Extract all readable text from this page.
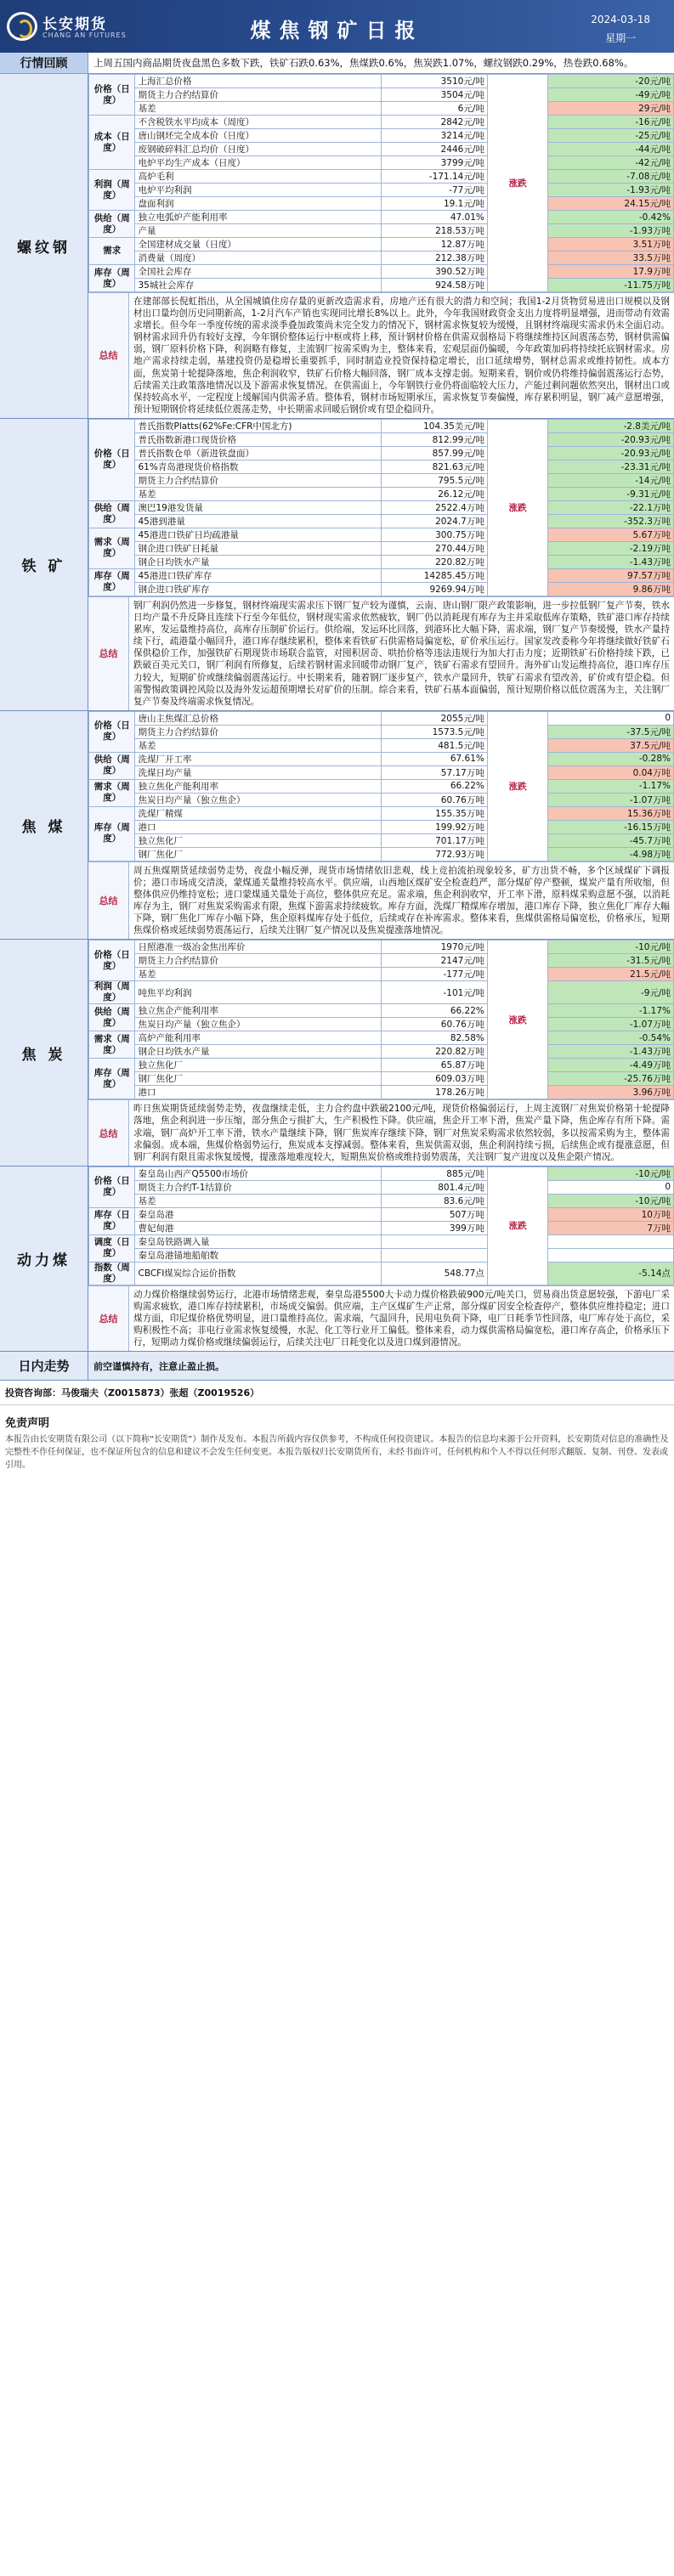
长安期货
CHANG AN FUTURES	煤焦钢矿日报	2024-03-18
星期一
行情回顾	上周五国内商品期货夜盘黑色多数下跌，铁矿石跌0.63%，焦煤跌0.6%，焦炭跌1.07%，螺纹钢跌0.29%，热卷跌0.68%。
螺纹钢
价格（日度）	上海汇总价格	3510元/吨	涨跌	-20元/吨
	期货主力合约结算价	3504元/吨		-49元/吨
	基差	6元/吨		29元/吨
成本（日度）	不含税铁水平均成本（周度）	2842元/吨		-16元/吨
	唐山钢坯完全成本价（日度）	3214元/吨		-25元/吨
	废钢破碎料汇总均价（日度）	2446元/吨		-44元/吨
	电炉平均生产成本（日度）	3799元/吨		-42元/吨
利润（周度）	高炉毛利	-171.14元/吨		-7.08元/吨
	电炉平均利润	-77元/吨		-1.93元/吨
	盘面利润	19.1元/吨		24.15元/吨
供给（周度）	独立电弧炉产能利用率	47.01%		-0.42%
	产量	218.53万吨		-1.93万吨
需求	全国建材成交量（日度）	12.87万吨		3.51万吨
	消费量（周度）	212.38万吨		33.5万吨
库存（周度）	全国社会库存	390.52万吨		17.9万吨
	35城社会库存	924.58万吨		-11.75万吨
总结
在建部部长倪虹指出，从全国城镇住房存量的更新改造需求看，房地产还有很大的潜力和空间；我国1-2月货物贸易进出口规模以及钢材出口量均创历史同期新高，1-2月汽车产销也实现同比增长8%以上。此外，今年我国财政资金支出力度将明显增强，进而带动有效需求增长。但今年一季度传统的需求淡季叠加政策尚未完全发力的情况下，钢材需求恢复较为缓慢，且钢材终端现实需求仍未全面启动。钢材需求回升仍有较好支撑，今年钢价整体运行中枢或将上移，预计钢材价格在供需双弱格局下将继续维持区间震荡态势，钢材供需偏弱，钢厂原料价格下降，利润略有修复，主流钢厂按需采购为主，整体来看，宏观层面仍偏暖，今年政策加码将持续托底钢材需求。房地产需求持续走弱，基建投资仍是稳增长重要抓手，同时制造业投资保持稳定增长，出口延续增势，钢材总需求或维持韧性。成本方面，焦炭第十轮提降落地，焦企利润收窄，铁矿石价格大幅回落，钢厂成本支撑走弱。短期来看，钢价或仍将维持偏弱震荡运行态势，后续需关注政策落地情况以及下游需求恢复情况。在供需面上，今年钢铁行业仍将面临较大压力，产能过剩问题依然突出，钢材出口或保持较高水平，一定程度上缓解国内供需矛盾。整体看，钢材市场短期承压，需求恢复节奏偏慢，库存累积明显，钢厂减产意愿增强，预计短期钢价将延续低位震荡走势，中长期需求回暖后钢价或有望企稳回升。
铁 矿
价格（日度）	普氏指数Platts(62%Fe:CFR中国北方)	104.35美元/吨	涨跌	-2.8美元/吨
	普氏指数新港口现货价格	812.99元/吨		-20.93元/吨
	普氏指数仓单（新进铁盘面）	857.99元/吨		-20.93元/吨
	61%青岛港现货价格指数	821.63元/吨		-23.31元/吨
	期货主力合约结算价	795.5元/吨		-14元/吨
	基差	26.12元/吨		-9.31元/吨
供给（周度）	澳巴19港发货量	2522.4万吨		-22.1万吨
	45港到港量	2024.7万吨		-352.3万吨
需求（周度）	45港进口铁矿日均疏港量	300.75万吨		5.67万吨
	钢企进口铁矿日耗量	270.44万吨		-2.19万吨
	钢企日均铁水产量	220.82万吨		-1.43万吨
库存（周度）	45港进口铁矿库存	14285.45万吨		97.57万吨
	钢企进口铁矿库存	9269.94万吨		9.86万吨
总结
钢厂利润仍然进一步修复，钢材终端现实需求压下钢厂复产较为谨慎，云南、唐山钢厂限产政策影响，进一步拉低钢厂复产节奏，铁水日均产量不升反降且连续下行至今年低位，钢材现实需求依然疲软，钢厂仍以消耗现有库存为主并采取低库存策略，铁矿港口库存持续累库，发运量维持高位，高库存压制矿价运行。供给端，发运环比回落，到港环比大幅下降，需求端，钢厂复产节奏缓慢，铁水产量持续下行，疏港量小幅回升，港口库存继续累积，整体来看铁矿石供需格局偏宽松，矿价承压运行。国家发改委称今年将继续做好铁矿石保供稳价工作，加强铁矿石期现货市场联合监管，对囤积居奇、哄抬价格等违法违规行为加大打击力度；近期铁矿石价格持续下跌，已跌破百美元关口，钢厂利润有所修复，后续若钢材需求回暖带动钢厂复产，铁矿石需求有望回升。海外矿山发运维持高位，港口库存压力较大，短期矿价或继续偏弱震荡运行。中长期来看，随着钢厂逐步复产，铁水产量回升，铁矿石需求有望改善，矿价或有望企稳。但需警惕政策调控风险以及海外发运超预期增长对矿价的压制。综合来看，铁矿石基本面偏弱，预计短期价格以低位震荡为主，关注钢厂复产节奏及终端需求恢复情况。
焦 煤
价格（日度）	唐山主焦煤汇总价格	2055元/吨	涨跌	0
	期货主力合约结算价	1573.5元/吨		-37.5元/吨
	基差	481.5元/吨		37.5元/吨
供给（周度）	洗煤厂开工率	67.61%		-0.28%
	洗煤日均产量	57.17万吨		0.04万吨
需求（周度）	独立焦化产能利用率	66.22%		-1.17%
	焦炭日均产量（独立焦企）	60.76万吨		-1.07万吨
库存（周度）	洗煤厂精煤	155.35万吨		15.36万吨
	港口	199.92万吨		-16.15万吨
	独立焦化厂	701.17万吨		-45.7万吨
	钢厂焦化厂	772.93万吨		-4.98万吨
总结
周五焦煤期货延续弱势走势，夜盘小幅反弹，现货市场情绪依旧悲观，线上竞拍流拍现象较多，矿方出货不畅，多个区域煤矿下调报价；港口市场成交清淡，蒙煤通关量维持较高水平。供应端，山西地区煤矿安全检查趋严，部分煤矿停产整顿，煤炭产量有所收缩，但整体供应仍维持宽松；进口蒙煤通关量处于高位，整体供应充足。需求端，焦企利润收窄，开工率下滑，原料煤采购意愿不强，以消耗库存为主，钢厂对焦炭采购需求有限，焦煤下游需求持续疲软。库存方面，洗煤厂精煤库存增加，港口库存下降，独立焦化厂库存大幅下降，钢厂焦化厂库存小幅下降，焦企原料煤库存处于低位，后续或存在补库需求。整体来看，焦煤供需格局偏宽松，价格承压，短期焦煤价格或延续弱势震荡运行，后续关注钢厂复产情况以及焦炭提涨落地情况。
焦 炭
价格（日度）	日照港准一级冶金焦出库价	1970元/吨	涨跌	-10元/吨
	期货主力合约结算价	2147元/吨		-31.5元/吨
	基差	-177元/吨		21.5元/吨
利润（周度）	吨焦平均利润	-101元/吨		-9元/吨
供给（周度）	独立焦企产能利用率	66.22%		-1.17%
	焦炭日均产量（独立焦企）	60.76万吨		-1.07万吨
需求（周度）	高炉产能利用率	82.58%		-0.54%
	钢企日均铁水产量	220.82万吨		-1.43万吨
库存（周度）	独立焦化厂	65.87万吨		-4.49万吨
	钢厂焦化厂	609.03万吨		-25.76万吨
	港口	178.26万吨		3.96万吨
总结
昨日焦炭期货延续弱势走势，夜盘继续走低，主力合约盘中跌破2100元/吨，现货价格偏弱运行，上周主流钢厂对焦炭价格第十轮提降落地，焦企利润进一步压缩，部分焦企亏损扩大，生产积极性下降。供应端，焦企开工率下滑，焦炭产量下降，焦企库存有所下降。需求端，钢厂高炉开工率下滑，铁水产量继续下降，钢厂焦炭库存继续下降，钢厂对焦炭采购需求依然较弱，多以按需采购为主，整体需求偏弱。成本端，焦煤价格弱势运行，焦炭成本支撑减弱。整体来看，焦炭供需双弱，焦企利润持续亏损，后续焦企或有提涨意愿，但钢厂利润有限且需求恢复缓慢，提涨落地难度较大，短期焦炭价格或维持弱势震荡，关注钢厂复产进度以及焦企限产情况。
动力煤
价格（日度）	秦皇岛山西产Q5500市场价	885元/吨	涨跌	-10元/吨
	期货主力合约T-1结算价	801.4元/吨		0
	基差	83.6元/吨		-10元/吨
库存（日度）	秦皇岛港	507万吨		10万吨
	曹妃甸港	399万吨		7万吨
调度（日度）	秦皇岛铁路调入量			
	秦皇岛港锚地船舶数			
指数（周度）	CBCFI煤炭综合运价指数	548.77点		-5.14点
总结
动力煤价格继续弱势运行，北港市场情绪悲观，秦皇岛港5500大卡动力煤价格跌破900元/吨关口，贸易商出货意愿较强，下游电厂采购需求疲软，港口库存持续累积，市场成交偏弱。供应端，主产区煤矿生产正常，部分煤矿因安全检查停产，整体供应维持稳定；进口煤方面，印尼煤价格优势明显，进口量维持高位。需求端，气温回升，民用电负荷下降，电厂日耗季节性回落，电厂库存处于高位，采购积极性不高；非电行业需求恢复缓慢，水泥、化工等行业开工偏低。整体来看，动力煤供需格局偏宽松，港口库存高企，价格承压下行，短期动力煤价格或继续偏弱运行，后续关注电厂日耗变化以及进口煤到港情况。
日内走势	前空谨慎持有，注意止盈止损。
投资咨询部：马俊瑞夫（Z0015873）张超（Z0019526）
免责声明
本报告由长安期货有限公司（以下简称“长安期货”）制作及发布。本报告所载内容仅供参考，不构成任何投资建议。本报告的信息均来源于公开资料，长安期货对信息的准确性及完整性不作任何保证，也不保证所包含的信息和建议不会发生任何变更。本报告版权归长安期货所有，未经书面许可，任何机构和个人不得以任何形式翻版、复制、刊登、发表或引用。
